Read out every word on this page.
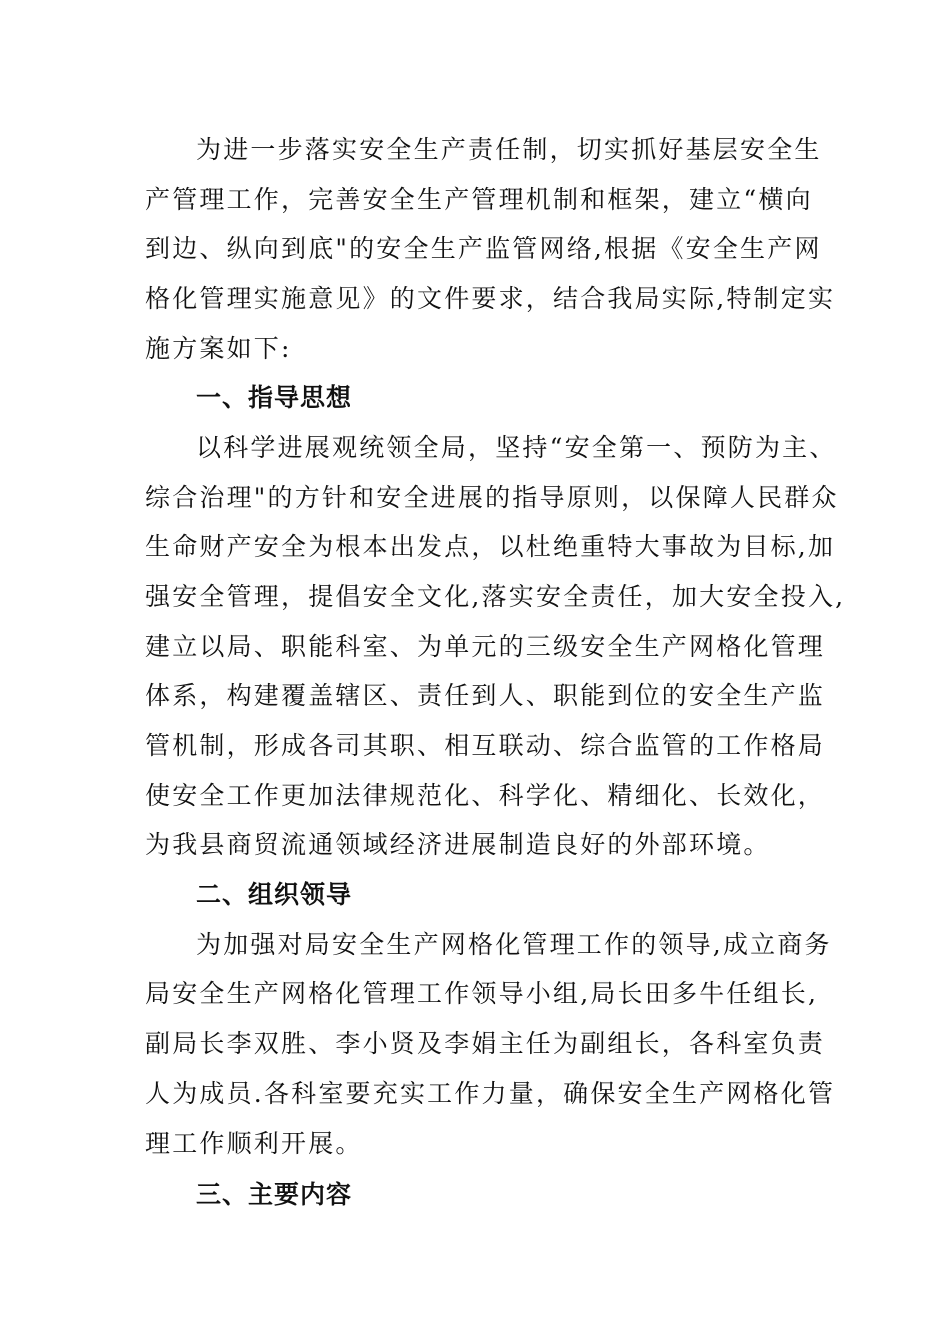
为进一步落实安全生产责任制，切实抓好基层安全生
产管理工作，完善安全生产管理机制和框架，建立“横向
到边、纵向到底"的安全生产监管网络,根据《安全生产网
格化管理实施意见》的文件要求，结合我局实际,特制定实
施方案如下:
一、指导思想
以科学进展观统领全局，坚持“安全第一、预防为主、
综合治理"的方针和安全进展的指导原则，以保障人民群众
生命财产安全为根本出发点，以杜绝重特大事故为目标,加
强安全管理，提倡安全文化,落实安全责任，加大安全投入,
建立以局、职能科室、为单元的三级安全生产网格化管理
体系，构建覆盖辖区、责任到人、职能到位的安全生产监
管机制，形成各司其职、相互联动、综合监管的工作格局
使安全工作更加法律规范化、科学化、精细化、长效化，
为我县商贸流通领域经济进展制造良好的外部环境。
二、组织领导
为加强对局安全生产网格化管理工作的领导,成立商务
局安全生产网格化管理工作领导小组,局长田多牛任组长,
副局长李双胜、李小贤及李娟主任为副组长，各科室负责
人为成员.各科室要充实工作力量，确保安全生产网格化管
理工作顺利开展。
三、主要内容
